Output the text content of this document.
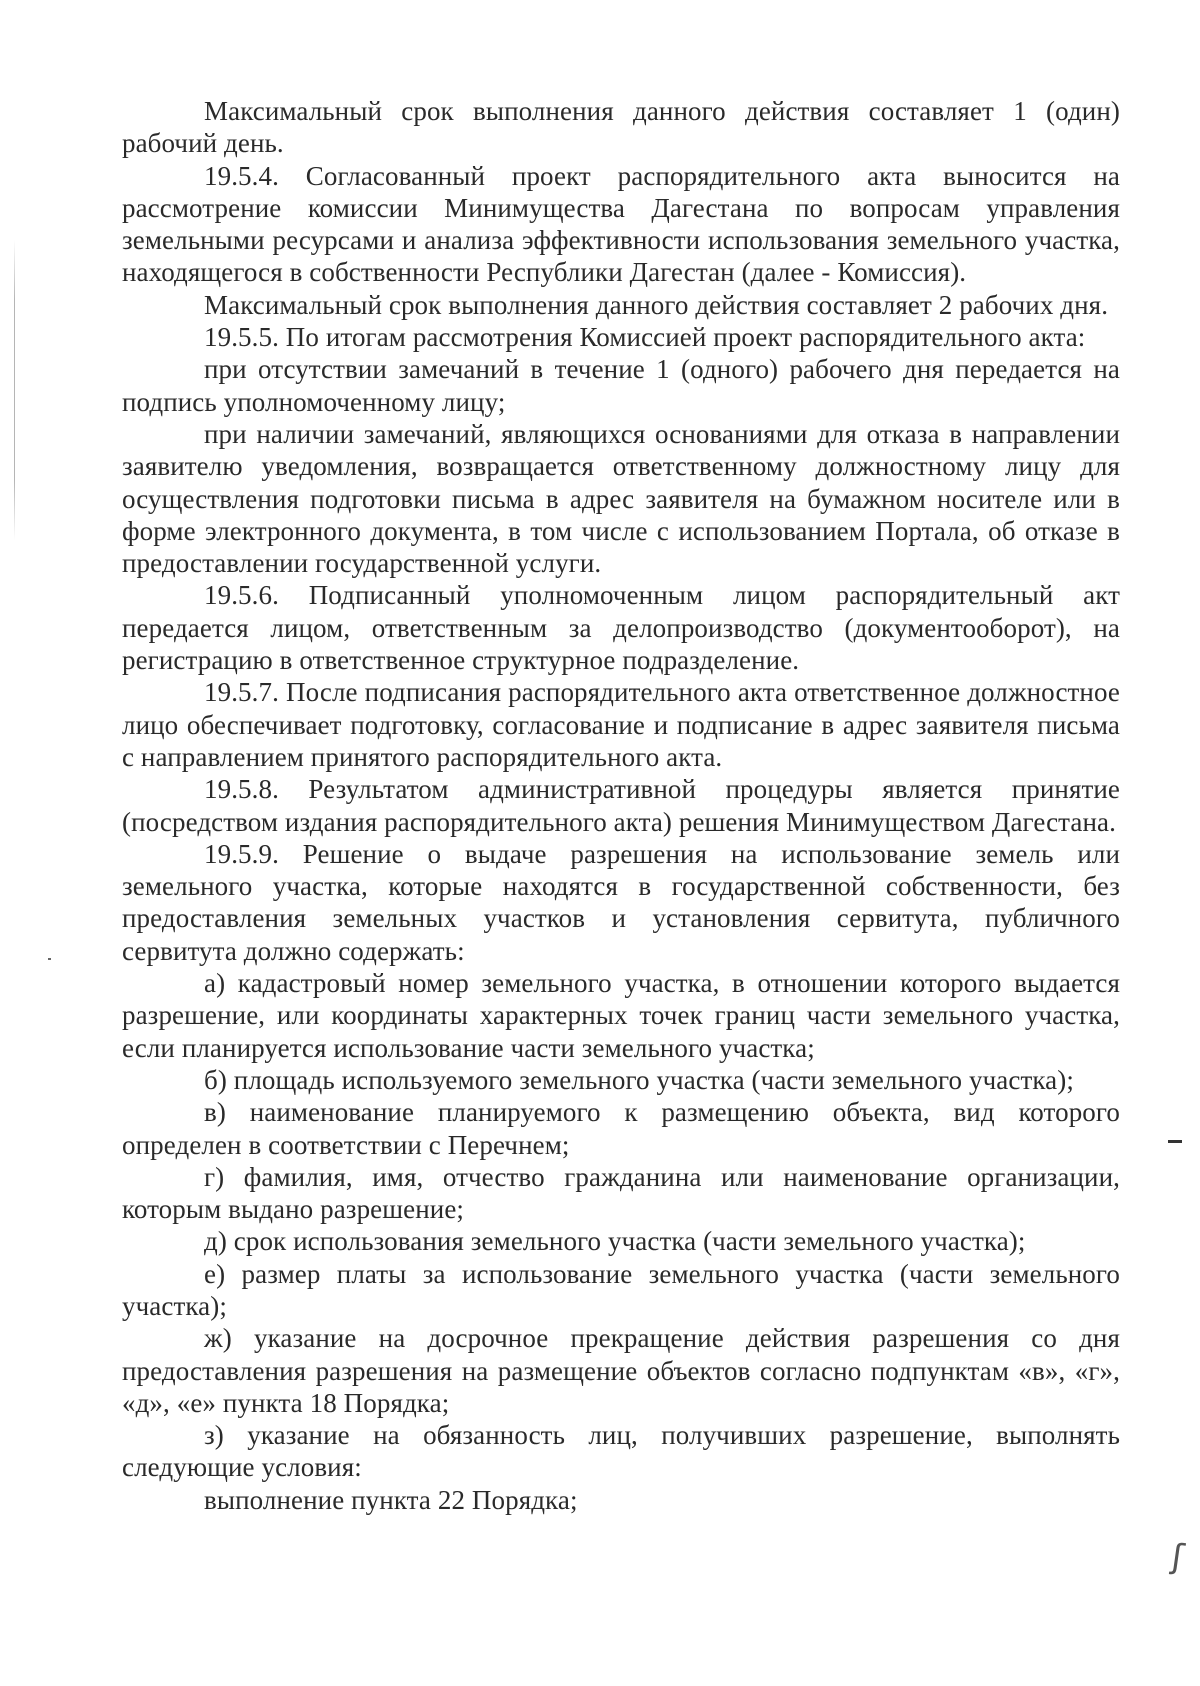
ʃ

Максимальный срок выполнения данного действия составляет 1 (один) рабочий день.

19.5.4. Согласованный проект распорядительного акта выносится на рассмотрение комиссии Минимущества Дагестана по вопросам управления земельными ресурсами и анализа эффективности использования земельного участка, находящегося в собственности Республики Дагестан (далее - Комиссия).

Максимальный срок выполнения данного действия составляет 2 рабочих дня.

19.5.5. По итогам рассмотрения Комиссией проект распорядительного акта:

при отсутствии замечаний в течение 1 (одного) рабочего дня передается на подпись уполномоченному лицу;

при наличии замечаний, являющихся основаниями для отказа в направлении заявителю уведомления, возвращается ответственному должностному лицу для осуществления подготовки письма в адрес заявителя на бумажном носителе или в форме электронного документа, в том числе с использованием Портала, об отказе в предоставлении государственной услуги.

19.5.6. Подписанный уполномоченным лицом распорядительный акт передается лицом, ответственным за делопроизводство (документооборот), на регистрацию в ответственное структурное подразделение.

19.5.7. После подписания распорядительного акта ответственное должностное лицо обеспечивает подготовку, согласование и подписание в адрес заявителя письма с направлением принятого распорядительного акта.

19.5.8. Результатом административной процедуры является принятие (посредством издания распорядительного акта) решения Минимуществом Дагестана.

19.5.9. Решение о выдаче разрешения на использование земель или земельного участка, которые находятся в государственной собственности, без предоставления земельных участков и установления сервитута, публичного сервитута должно содержать:

а) кадастровый номер земельного участка, в отношении которого выдается разрешение, или координаты характерных точек границ части земельного участка, если планируется использование части земельного участка;

б) площадь используемого земельного участка (части земельного участка);

в) наименование планируемого к размещению объекта, вид которого определен в соответствии с Перечнем;

г) фамилия, имя, отчество гражданина или наименование организации, которым выдано разрешение;

д) срок использования земельного участка (части земельного участка);

е) размер платы за использование земельного участка (части земельного участка);

ж) указание на досрочное прекращение действия разрешения со дня предоставления разрешения на размещение объектов согласно подпунктам «в», «г», «д», «е» пункта 18 Порядка;

з) указание на обязанность лиц, получивших разрешение, выполнять следующие условия:

выполнение пункта 22 Порядка;
